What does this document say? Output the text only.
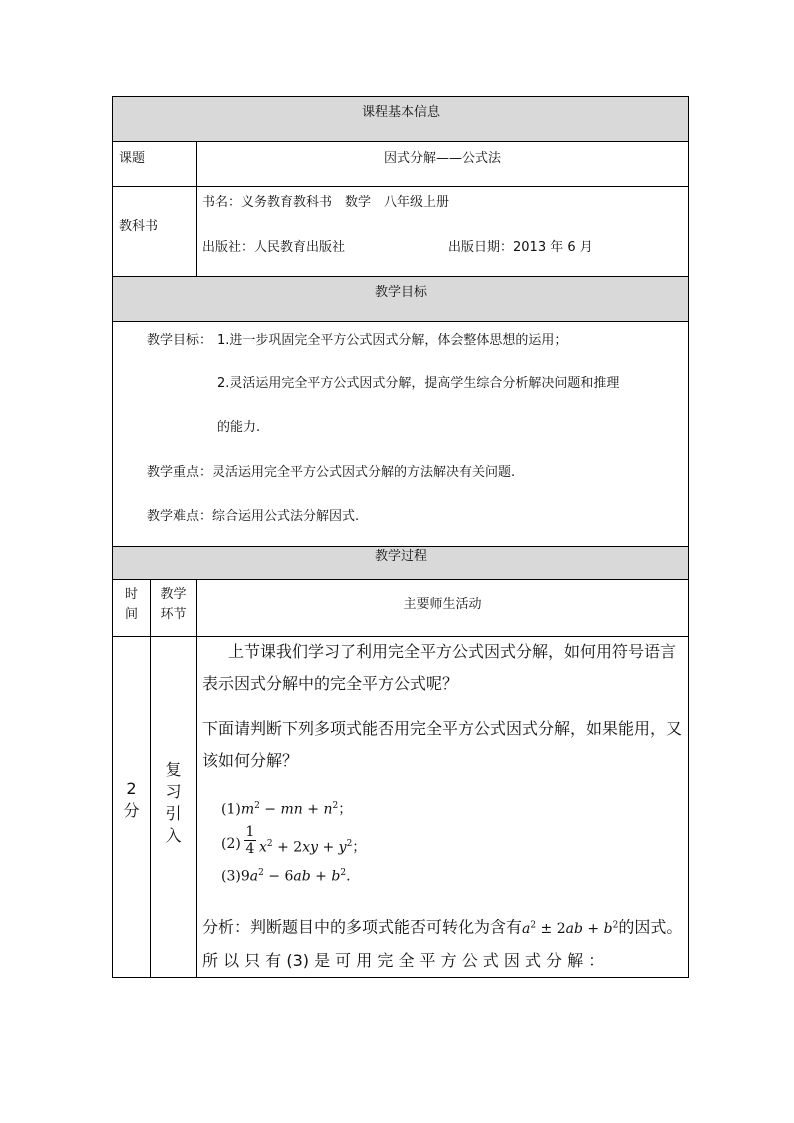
课程基本信息
课题	因式分解——公式法
教科书
书名：义务教育教科书　数学　八年级上册
出版社：人民教育出版社	出版日期：2013 年 6 月
教学目标
教学目标： 1.进一步巩固完全平方公式因式分解，体会整体思想的运用；
2.灵活运用完全平方公式因式分解，提高学生综合分析解决问题和推理
的能力.
教学重点：灵活运用完全平方公式因式分解的方法解决有关问题.
教学难点：综合运用公式法分解因式.
教学过程
时
间
教学
环节
主要师生活动
2
分
复
习
引
入
上节课我们学习了利用完全平方公式因式分解，如何用符号语言
表示因式分解中的完全平方公式呢？
下面请判断下列多项式能否用完全平方公式因式分解，如果能用，又
该如何分解？
$(1)m^2$ − mn + $n^2$；
(2)
1
4 $x^2 + 2xy + y^2$；
$(3)9a^2 - 6ab + b^2$.
分析：判断题目中的多项式能否可转化为含有$a^2 \pm 2ab + b^2$的因式。
所 以 只 有 (3) 是 可 用 完 全 平 方 公 式 因 式 分 解 ：
